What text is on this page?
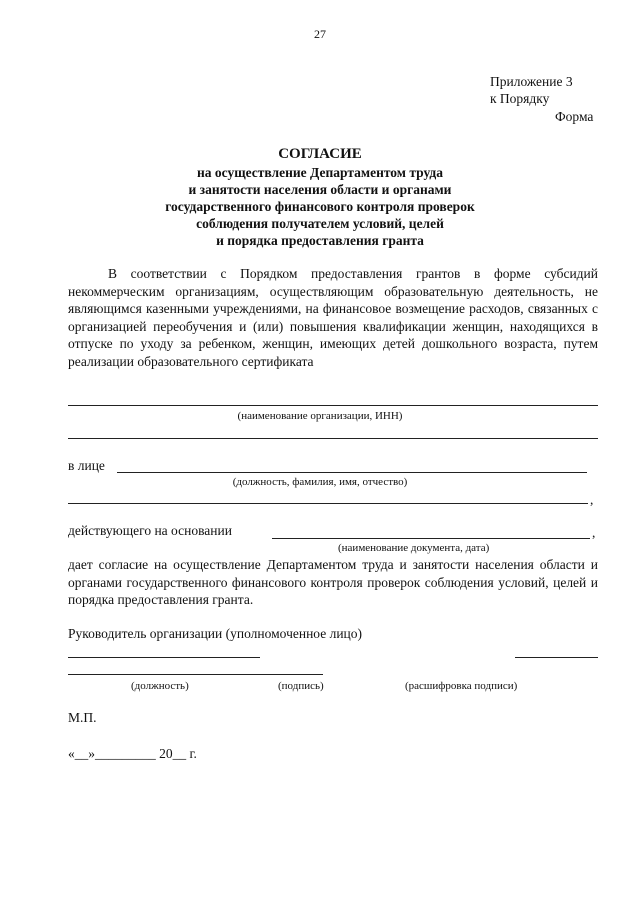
27
Приложение 3
к Порядку
Форма
СОГЛАСИЕ
на осуществление Департаментом труда
и занятости населения области и органами
государственного финансового контроля проверок
соблюдения получателем условий, целей
и порядка предоставления гранта
В соответствии с Порядком предоставления грантов в форме субсидий некоммерческим организациям, осуществляющим образовательную деятельность, не являющимся казенными учреждениями, на финансовое возмещение расходов, связанных с организацией переобучения и (или) повышения квалификации женщин, находящихся в отпуске по уходу за ребенком, женщин, имеющих детей дошкольного возраста, путем реализации образовательного сертификата
(наименование организации, ИНН)
в лице
(должность, фамилия, имя, отчество)
,
действующего на основании	,
(наименование документа, дата)
дает согласие на осуществление Департаментом труда и занятости населения области и органами государственного финансового контроля проверок соблюдения условий, целей и порядка предоставления гранта.
Руководитель организации (уполномоченное лицо)
(должность)	(подпись)	(расшифровка подписи)
М.П.
«__»_________ 20__ г.
